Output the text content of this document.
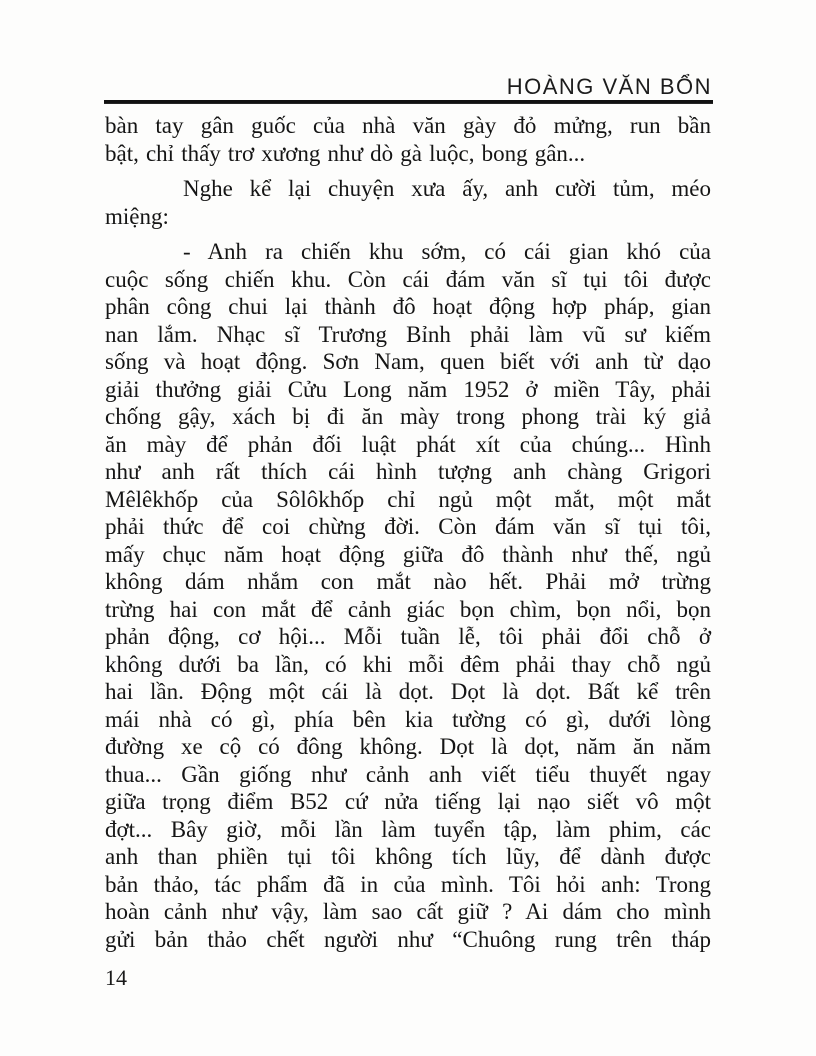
HOÀNG VĂN BỔN
bàn tay gân guốc của nhà văn gày đỏ mửng, run bần
bật, chỉ thấy trơ xương như dò gà luộc, bong gân...
Nghe kể lại chuyện xưa ấy, anh cười tủm, méo
miệng:
- Anh ra chiến khu sớm, có cái gian khó của
cuộc sống chiến khu. Còn cái đám văn sĩ tụi tôi được
phân công chui lại thành đô hoạt động hợp pháp, gian
nan lắm. Nhạc sĩ Trương Bỉnh phải làm vũ sư kiếm
sống và hoạt động. Sơn Nam, quen biết với anh từ dạo
giải thưởng giải Cửu Long năm 1952 ở miền Tây, phải
chống gậy, xách bị đi ăn mày trong phong trài ký giả
ăn mày để phản đối luật phát xít của chúng... Hình
như anh rất thích cái hình tượng anh chàng Grigori
Mêlêkhốp của Sôlôkhốp chỉ ngủ một mắt, một mắt
phải thức để coi chừng đời. Còn đám văn sĩ tụi tôi,
mấy chục năm hoạt động giữa đô thành như thế, ngủ
không dám nhắm con mắt nào hết. Phải mở trừng
trừng hai con mắt để cảnh giác bọn chìm, bọn nổi, bọn
phản động, cơ hội... Mỗi tuần lễ, tôi phải đổi chỗ ở
không dưới ba lần, có khi mỗi đêm phải thay chỗ ngủ
hai lần. Động một cái là dọt. Dọt là dọt. Bất kể trên
mái nhà có gì, phía bên kia tường có gì, dưới lòng
đường xe cộ có đông không. Dọt là dọt, năm ăn năm
thua... Gần giống như cảnh anh viết tiểu thuyết ngay
giữa trọng điểm B52 cứ nửa tiếng lại nạo siết vô một
đợt... Bây giờ, mỗi lần làm tuyển tập, làm phim, các
anh than phiền tụi tôi không tích lũy, để dành được
bản thảo, tác phẩm đã in của mình. Tôi hỏi anh: Trong
hoàn cảnh như vậy, làm sao cất giữ ? Ai dám cho mình
gửi bản thảo chết người như “Chuông rung trên tháp
14
